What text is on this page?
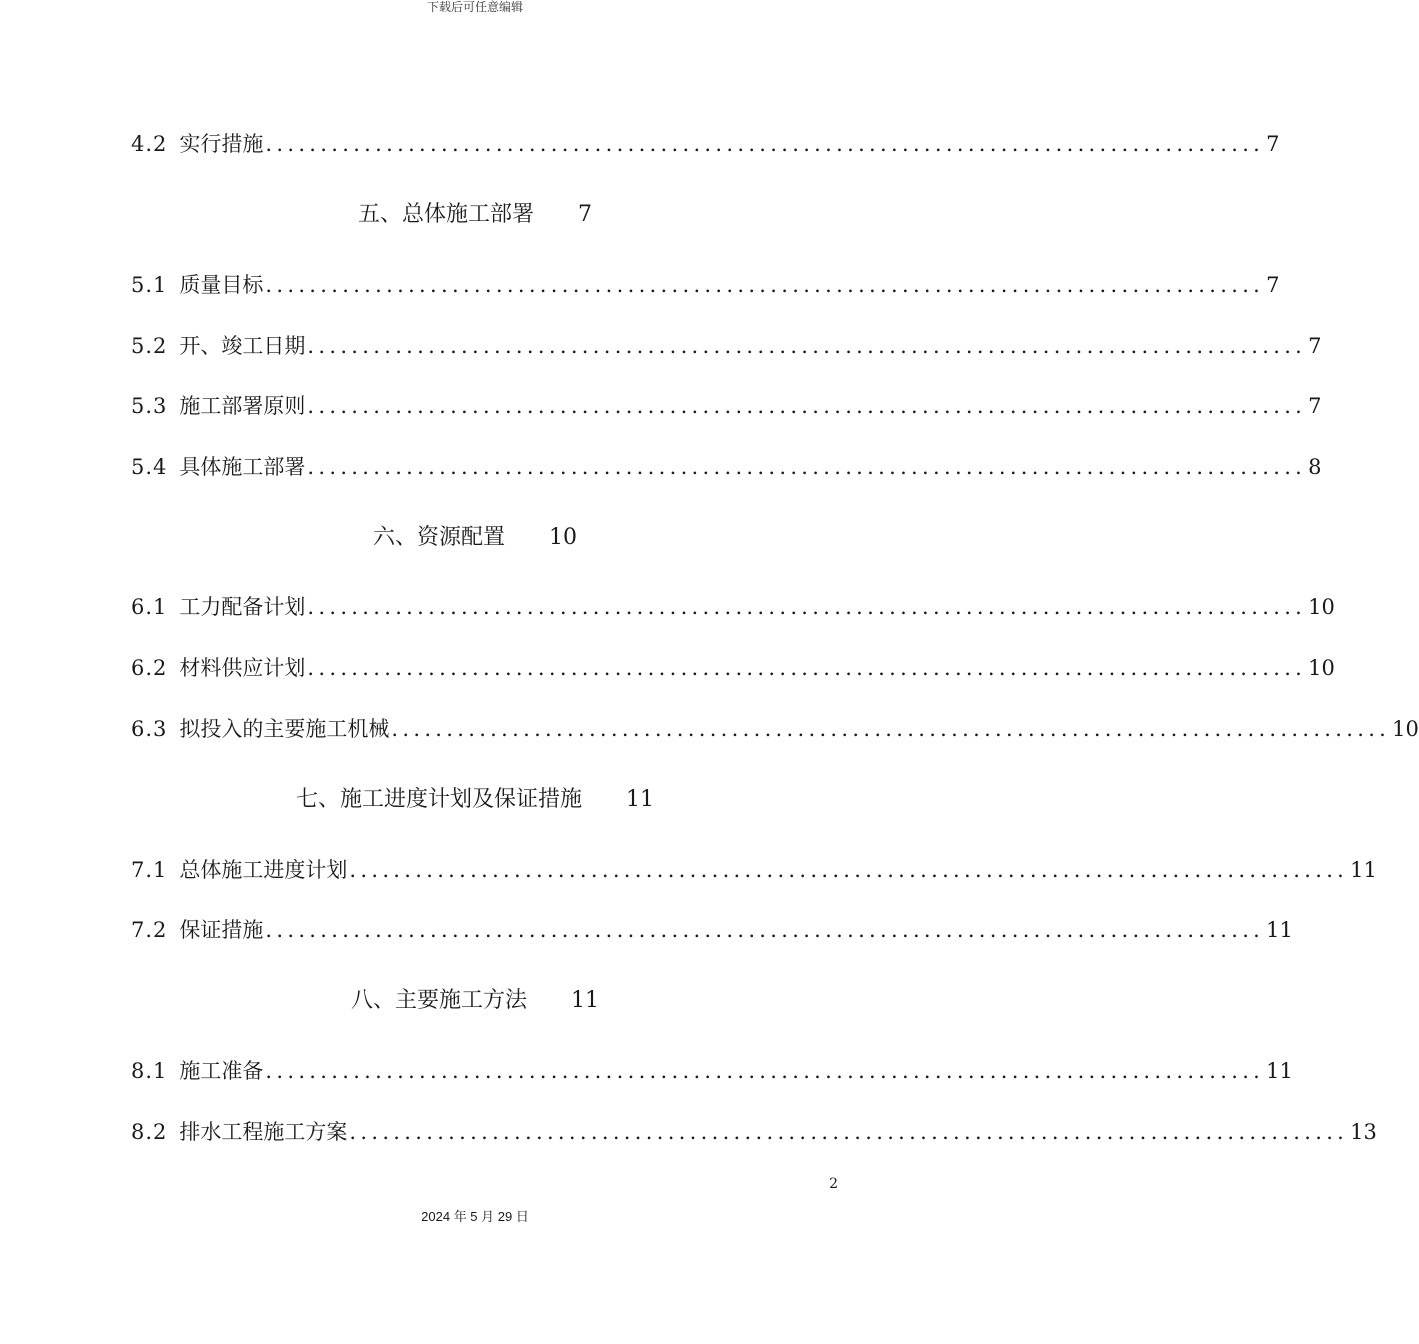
下载后可任意编辑
4.2 实行措施 ........................................................................................... 7
五、总体施工部署 7
5.1 质量目标 ........................................................................................... 7
5.2 开、竣工日期 ........................................................................................... 7
5.3 施工部署原则 ........................................................................................... 7
5.4 具体施工部署 ........................................................................................... 8
六、资源配置 10
6.1 工力配备计划 ........................................................................................... 10
6.2 材料供应计划 ........................................................................................... 10
6.3 拟投入的主要施工机械 ........................................................................................... 10
七、施工进度计划及保证措施 11
7.1 总体施工进度计划 ........................................................................................... 11
7.2 保证措施 ........................................................................................... 11
八、主要施工方法 11
8.1 施工准备 ........................................................................................... 11
8.2 排水工程施工方案 ........................................................................................... 13
2
2024 年 5 月 29 日
